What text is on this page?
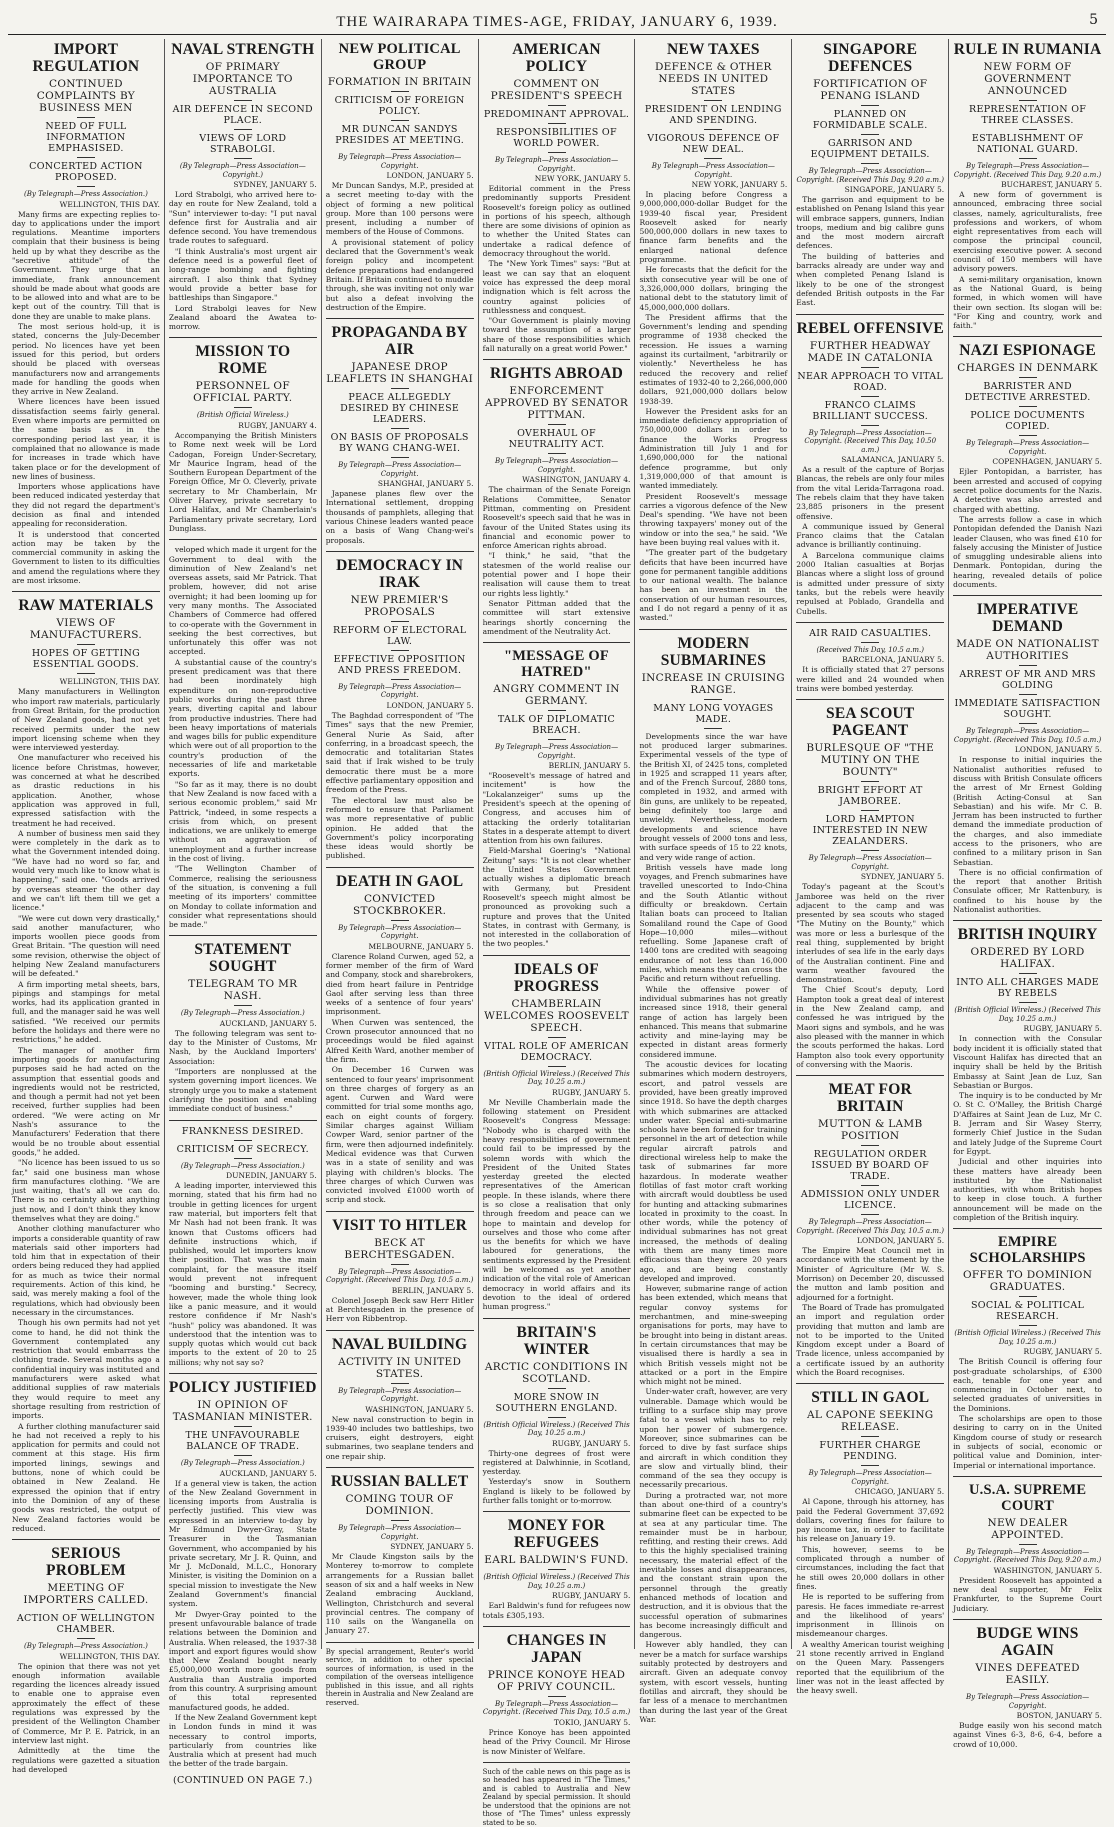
THE WAIRARAPA TIMES-AGE, FRIDAY, JANUARY 6, 1939.	5
IMPORT REGULATION
CONTINUED COMPLAINTS BY BUSINESS MEN
NEED OF FULL INFORMATION EMPHASISED.
CONCERTED ACTION PROPOSED.
(By Telegraph—Press Association.)
WELLINGTON, THIS DAY.

Many firms are expecting replies to-day to applications under the import regulations. Meantime importers complain that their business is being held up by what they describe as the "secretive attitude" of the Government. They urge that an immediate, frank announcement should be made about what goods are to be allowed into and what are to be kept out of the country. Till that is done they are unable to make plans.

The most serious hold-up, it is stated, concerns the July-December period. No licences have yet been issued for this period, but orders should be placed with overseas manufacturers now and arrangements made for handling the goods when they arrive in New Zealand.

Where licences have been issued dissatisfaction seems fairly general. Even where imports are permitted on the same basis as in the corresponding period last year, it is complained that no allowance is made for increases in trade which have taken place or for the development of new lines of business.

Importers whose applications have been reduced indicated yesterday that they did not regard the department's decision as final and intended appealing for reconsideration.

It is understood that concerted action may be taken by the commercial community in asking the Government to listen to its difficulties and amend the regulations where they are most irksome.

RAW MATERIALS
VIEWS OF MANUFACTURERS.
HOPES OF GETTING ESSENTIAL GOODS.
WELLINGTON, THIS DAY.

Many manufacturers in Wellington who import raw materials, particularly from Great Britain, for the production of New Zealand goods, had not yet received permits under the new import licensing scheme when they were interviewed yesterday.

One manufacturer who received his licence before Christmas, however, was concerned at what he described as drastic reductions in his application. Another, whose application was approved in full, expressed satisfaction with the treatment he had received.

A number of business men said they were completely in the dark as to what the Government intended doing. "We have had no word so far, and would very much like to know what is happening," said one. "Goods arrived by overseas steamer the other day and we can't lift them till we get a licence."

"We were cut down very drastically," said another manufacturer, who imports woollen piece goods from Great Britain. "The question will need some revision, otherwise the object of helping New Zealand manufacturers will be defeated."

A firm importing metal sheets, bars, pipings and stampings for metal works, had its application granted in full, and the manager said he was well satisfied. "We received our permits before the holidays and there were no restrictions," he added.

The manager of another firm importing goods for manufacturing purposes said he had acted on the assumption that essential goods and ingredients would not be restricted, and though a permit had not yet been received, further supplies had been ordered. "We were acting on Mr Nash's assurance to the Manufacturers' Federation that there would be no trouble about essential goods," he added.

"No licence has been issued to us so far," said one business man whose firm manufactures clothing. "We are just waiting, that's all we can do. There is no certainty about anything just now, and I don't think they know themselves what they are doing."

Another clothing manufacturer who imports a considerable quantity of raw materials said other importers had told him that in expectation of their orders being reduced they had applied for as much as twice their normal requirements. Action of this kind, he said, was merely making a fool of the regulations, which had obviously been necessary in the circumstances.

Though his own permits had not yet come to hand, he did not think the Government contemplated any restriction that would embarrass the clothing trade. Several months ago a confidential inquiry was instituted and manufacturers were asked what additional supplies of raw materials they would require to meet any shortage resulting from restriction of imports.

A further clothing manufacturer said he had not received a reply to his application for permits and could not comment at this stage. His firm imported linings, sewings and buttons, none of which could be obtained in New Zealand. He expressed the opinion that if entry into the Dominion of any of these goods was restricted, the output of New Zealand factories would be reduced.

SERIOUS PROBLEM
MEETING OF IMPORTERS CALLED.
ACTION OF WELLINGTON CHAMBER.
(By Telegraph—Press Association.)
WELLINGTON, THIS DAY.

The opinion that there was not yet enough information available regarding the licences already issued to enable one to appraise even approximately the effect of these regulations was expressed by the president of the Wellington Chamber of Commerce, Mr P. E. Patrick, in an interview last night.

Admittedly at the time the regulations were gazetted a situation had developed

NAVAL STRENGTH
OF PRIMARY IMPORTANCE TO AUSTRALIA
AIR DEFENCE IN SECOND PLACE.
VIEWS OF LORD STRABOLGI.
(By Telegraph—Press Association—Copyright.)
SYDNEY, JANUARY 5.

Lord Strabolgi, who arrived here to-day en route for New Zealand, told a "Sun" interviewer to-day: "I put naval defence first for Australia and air defence second. You have tremendous trade routes to safeguard.

"I think Australia's most urgent air defence need is a powerful fleet of long-range bombing and fighting aircraft. I also think that Sydney would provide a better base for battleships than Singapore."

Lord Strabolgi leaves for New Zealand aboard the Awatea to-morrow.

MISSION TO ROME
PERSONNEL OF OFFICIAL PARTY.
(British Official Wireless.)
RUGBY, JANUARY 4.

Accompanying the British Ministers to Rome next week will be Lord Cadogan, Foreign Under-Secretary, Mr Maurice Ingram, head of the Southern European Department of the Foreign Office, Mr O. Cleverly, private secretary to Mr Chamberlain, Mr Oliver Harvey, private secretary to Lord Halifax, and Mr Chamberlain's Parliamentary private secretary, Lord Dunglass.

veloped which made it urgent for the Government to deal with the diminution of New Zealand's net overseas assets, said Mr Patrick. That problem, however, did not arise overnight; it had been looming up for very many months. The Associated Chambers of Commerce had offered to co-operate with the Government in seeking the best correctives, but unfortunately this offer was not accepted.

A substantial cause of the country's present predicament was that there had been inordinately high expenditure on non-reproductive public works during the past three years, diverting capital and labour from productive industries. There had been heavy importations of materials and wages bills for public expenditure which were out of all proportion to the country's production of the necessaries of life and marketable exports.

"So far as it may, there is no doubt that New Zealand is now faced with a serious economic problem," said Mr Pattrick, "indeed, in some respects a crisis from which, on present indications, we are unlikely to emerge without an aggravation of unemployment and a further increase in the cost of living.

"The Wellington Chamber of Commerce, realising the seriousness of the situation, is convening a full meeting of its importers' committee on Monday to collate information and consider what representations should be made."

STATEMENT SOUGHT
TELEGRAM TO MR NASH.
(By Telegraph—Press Association.)
AUCKLAND, JANUARY 5.

The following telegram was sent to-day to the Minister of Customs, Mr Nash, by the Auckland Importers' Association:

"Importers are nonplussed at the system governing import licences. We strongly urge you to make a statement clarifying the position and enabling immediate conduct of business."

FRANKNESS DESIRED.
CRITICISM OF SECRECY.
(By Telegraph—Press Association.)
DUNEDIN, JANUARY 5.

A leading importer, interviewed this morning, stated that his firm had no trouble in getting licences for urgent raw material, but importers felt that Mr Nash had not been frank. It was known that Customs officers had definite instructions which, if published, would let importers know their position. That was the main complaint, for the measure itself would prevent not infrequent "booming and bursting." Secrecy, however, made the whole thing look like a panic measure, and it would restore confidence if Mr Nash's "hush" policy was abandoned. It was understood that the intention was to supply quotas which would cut back imports to the extent of 20 to 25 millions; why not say so?

POLICY JUSTIFIED
IN OPINION OF TASMANIAN MINISTER.
THE UNFAVOURABLE BALANCE OF TRADE.
(By Telegraph—Press Association.)
AUCKLAND, JANUARY 5.

If a general view is taken, the action of the New Zealand Government in licensing imports from Australia is perfectly justified. This view was expressed in an interview to-day by Mr Edmund Dwyer-Gray, State Treasurer in the Tasmanian Government, who accompanied by his private secretary, Mr J. R. Quinn, and Mr J. McDonald, M.L.C., Honorary Minister, is visiting the Dominion on a special mission to investigate the New Zealand Government's financial system.

Mr Dwyer-Gray pointed to the present unfavourable balance of trade relations between the Dominion and Australia. When released, the 1937-38 import and export figures would show that New Zealand bought nearly £5,000,000 worth more goods from Australia than Australia imported from this country. A surprising amount of this total represented manufactured goods, he added.

If the New Zealand Government kept in London funds in mind it was necessary to control imports, particularly from countries like Australia which at present had much the better of the trade bargain.

(CONTINUED ON PAGE 7.)
NEW POLITICAL GROUP
FORMATION IN BRITAIN
CRITICISM OF FOREIGN POLICY.
MR DUNCAN SANDYS PRESIDES AT MEETING.
By Telegraph—Press Association—Copyright.
LONDON, JANUARY 5.

Mr Duncan Sandys, M.P., presided at a secret meeting to-day with the object of forming a new political group. More than 100 persons were present, including a number of members of the House of Commons.

A provisional statement of policy declared that the Government's weak foreign policy and incompetent defence preparations had endangered Britain. If Britain continued to muddle through, she was inviting not only war but also a defeat involving the destruction of the Empire.

PROPAGANDA BY AIR
JAPANESE DROP LEAFLETS IN SHANGHAI
PEACE ALLEGEDLY DESIRED BY CHINESE LEADERS.
ON BASIS OF PROPOSALS BY WANG CHANG-WEI.
By Telegraph—Press Association—Copyright.
SHANGHAI, JANUARY 5.

Japanese planes flew over the International settlement, dropping thousands of pamphlets, alleging that various Chinese leaders wanted peace on a basis of Wang Chang-wei's proposals.

DEMOCRACY IN IRAK
NEW PREMIER'S PROPOSALS
REFORM OF ELECTORAL LAW.
EFFECTIVE OPPOSITION AND PRESS FREEDOM.
By Telegraph—Press Association—Copyright.
LONDON, JANUARY 5.

The Baghdad correspondent of "The Times" says that the new Premier, General Nurie As Said, after conferring, in a broadcast speech, the democratic and totalitarian States said that if Irak wished to be truly democratic there must be a more effective parliamentary opposition and freedom of the Press.

The electoral law must also be reformed to ensure that Parliament was more representative of public opinion. He added that the Government's policy incorporating these ideas would shortly be published.

DEATH IN GAOL
CONVICTED STOCKBROKER.
By Telegraph—Press Association—Copyright.
MELBOURNE, JANUARY 5.

Clarence Roland Curwen, aged 52, a former member of the firm of Ward and Company, stock and sharebrokers, died from heart failure in Pentridge Gaol after serving less than three weeks of a sentence of four years' imprisonment.

When Curwen was sentenced, the Crown prosecutor announced that no proceedings would be filed against Alfred Keith Ward, another member of the firm.

On December 16 Curwen was sentenced to four years' imprisonment on three charges of forgery as an agent. Curwen and Ward were committed for trial some months ago, each on eight counts of forgery. Similar charges against William Cowper Ward, senior partner of the firm, were then adjourned indefinitely. Medical evidence was that Curwen was in a state of senility and was playing with children's blocks. The three charges of which Curwen was convicted involved £1000 worth of scrip and stock.

VISIT TO HITLER
BECK AT BERCHTESGADEN.
By Telegraph—Press Association—Copyright. (Received This Day, 10.5 a.m.)
BERLIN, JANUARY 5.

Colonel Joseph Beck saw Herr Hitler at Berchtesgaden in the presence of Herr von Ribbentrop.

NAVAL BUILDING
ACTIVITY IN UNITED STATES.
By Telegraph—Press Association—Copyright.
WASHINGTON, JANUARY 5.

New naval construction to begin in 1939-40 includes two battleships, two cruisers, eight destroyers, eight submarines, two seaplane tenders and one repair ship.

RUSSIAN BALLET
COMING TOUR OF DOMINION.
By Telegraph—Press Association—Copyright.
SYDNEY, JANUARY 5.

Mr Claude Kingston sails by the Monterey to-morrow to complete arrangements for a Russian ballet season of six and a half weeks in New Zealand embracing Auckland, Wellington, Christchurch and several provincial centres. The company of 110 sails on the Wanganella on January 27.

By special arrangement, Reuter's world service, in addition to other special sources of information, is used in the compilation of the overseas intelligence published in this issue, and all rights therein in Australia and New Zealand are reserved.
AMERICAN POLICY
COMMENT ON PRESIDENT'S SPEECH
PREDOMINANT APPROVAL.
RESPONSIBILITIES OF WORLD POWER.
By Telegraph—Press Association—Copyright.
NEW YORK, JANUARY 5.

Editorial comment in the Press predominantly supports President Roosevelt's foreign policy as outlined in portions of his speech, although there are some divisions of opinion as to whether the United States can undertake a radical defence of democracy throughout the world.

The "New York Times" says: "But at least we can say that an eloquent voice has expressed the deep moral indignation which is felt across the country against policies of ruthlessness and conquest.

"Our Government is plainly moving toward the assumption of a larger share of those responsibilities which fall naturally on a great world Power."

RIGHTS ABROAD
ENFORCEMENT APPROVED BY SENATOR PITTMAN.
OVERHAUL OF NEUTRALITY ACT.
By Telegraph—Press Association—Copyright.
WASHINGTON, JANUARY 4.

The chairman of the Senate Foreign Relations Committee, Senator Pittman, commenting on President Roosevelt's speech said that he was in favour of the United States using its financial and economic power to enforce American rights abroad.

"I think," he said, "that the statesmen of the world realise our potential power and I hope their realisation will cause them to treat our rights less lightly."

Senator Pittman added that the committee will start extensive hearings shortly concerning the amendment of the Neutrality Act.

"MESSAGE OF HATRED"
ANGRY COMMENT IN GERMANY.
TALK OF DIPLOMATIC BREACH.
By Telegraph—Press Association—Copyright.
BERLIN, JANUARY 5.

"Roosevelt's message of hatred and incitement" is how the "Lokalanzeiger" sums up the President's speech at the opening of Congress, and accuses him of attacking the orderly totalitarian States in a desperate attempt to divert attention from his own failures.

Field-Marshal Goering's "National Zeitung" says: "It is not clear whether the United States Government actually wishes a diplomatic breach with Germany, but President Roosevelt's speech might almost be pronounced as provoking such a rupture and proves that the United States, in contrast with Germany, is not interested in the collaboration of the two peoples."

IDEALS OF PROGRESS
CHAMBERLAIN WELCOMES ROOSEVELT SPEECH.
VITAL ROLE OF AMERICAN DEMOCRACY.
(British Official Wireless.) (Received This Day, 10.25 a.m.)
RUGBY, JANUARY 5.

Mr Neville Chamberlain made the following statement on President Roosevelt's Congress Message: "Nobody who is charged with the heavy responsibilities of government could fail to be impressed by the solemn words with which the President of the United States yesterday greeted the elected representatives of the American people. In these islands, where there is so close a realisation that only through freedom and peace can we hope to maintain and develop for ourselves and those who come after us the benefits for which we have laboured for generations, the sentiments expressed by the President will be welcomed as yet another indication of the vital role of American democracy in world affairs and its devotion to the ideal of ordered human progress."

BRITAIN'S WINTER
ARCTIC CONDITIONS IN SCOTLAND.
MORE SNOW IN SOUTHERN ENGLAND.
(British Official Wireless.) (Received This Day, 10.25 a.m.)
RUGBY, JANUARY 5.

Thirty-one degrees of frost were registered at Dalwhinnie, in Scotland, yesterday.

Yesterday's snow in Southern England is likely to be followed by further falls tonight or to-morrow.

MONEY FOR REFUGEES
EARL BALDWIN'S FUND.
(British Official Wireless.) (Received This Day, 10.25 a.m.)
RUGBY, JANUARY 5.

Earl Baldwin's fund for refugees now totals £305,193.

CHANGES IN JAPAN
PRINCE KONOYE HEAD OF PRIVY COUNCIL.
By Telegraph—Press Association—Copyright. (Received This Day, 10.5 a.m.)
TOKIO, JANUARY 5.

Prince Konoye has been appointed head of the Privy Council. Mr Hirose is now Minister of Welfare.

Such of the cable news on this page as is so headed has appeared in "The Times," and is cabled to Australia and New Zealand by special permission. It should be understood that the opinions are not those of "The Times" unless expressly stated to be so.
NEW TAXES
DEFENCE & OTHER NEEDS IN UNITED STATES
PRESIDENT ON LENDING AND SPENDING.
VIGOROUS DEFENCE OF NEW DEAL.
By Telegraph—Press Association—Copyright.
NEW YORK, JANUARY 5.

In placing before Congress a 9,000,000,000-dollar Budget for the 1939-40 fiscal year, President Roosevelt asked for nearly 500,000,000 dollars in new taxes to finance farm benefits and the enlarged national defence programme.

He forecasts that the deficit for the sixth consecutive year will be one of 3,326,000,000 dollars, bringing the national debt to the statutory limit of 45,000,000,000 dollars.

The President affirms that the Government's lending and spending programme of 1938 checked the recession. He issues a warning against its curtailment, "arbitrarily or violently." Nevertheless he has reduced the recovery and relief estimates of 1932-40 to 2,266,000,000 dollars, 921,000,000 dollars below 1938-39.

However the President asks for an immediate deficiency appropriation of 750,000,000 dollars in order to finance the Works Progress Administration till July 1 and for 1,690,000,000 for the national defence programme, but only 1,319,000,000 of that amount is wanted immediately.

President Roosevelt's message carries a vigorous defence of the New Deal's spending. "We have not been throwing taxpayers' money out of the window or into the sea," he said. "We have been buying real values with it.

"The greater part of the budgetary deficits that have been incurred have gone for permanent tangible additions to our national wealth. The balance has been an investment in the conservation of our human resources, and I do not regard a penny of it as wasted."

MODERN SUBMARINES
INCREASE IN CRUISING RANGE.
MANY LONG VOYAGES MADE.

Developments since the war have not produced larger submarines. Experimental vessels of the type of the British XI, of 2425 tons, completed in 1925 and scrapped 11 years after, and of the French Surcouf, 2880 tons, completed in 1932, and armed with 8in guns, are unlikely to be repeated, being definitely too large and unwieldy. Nevertheless, modern developments and science have brought vessels of 2000 tons and less, with surface speeds of 15 to 22 knots, and very wide range of action.

British vessels have made long voyages, and French submarines have travelled unescorted to Indo-China and the South Atlantic without difficulty or breakdown. Certain Italian boats can proceed to Italian Somaliland round the Cape of Good Hope—10,000 miles—without refuelling. Some Japanese craft of 1400 tons are credited with seagoing endurance of not less than 16,000 miles, which means they can cross the Pacific and return without refuelling.

While the offensive power of individual submarines has not greatly increased since 1918, their general range of action has largely been enhanced. This means that submarine activity and mine-laying may be expected in distant areas formerly considered immune.

The acoustic devices for locating submarines which modern destroyers, escort, and patrol vessels are provided, have been greatly improved since 1918. So have the depth charges with which submarines are attacked under water. Special anti-submarine schools have been formed for training personnel in the art of detection while regular aircraft patrols and directional wireless help to make the task of submarines far more hazardous. In moderate weather flotillas of fast motor craft working with aircraft would doubtless be used for hunting and attacking submarines located in proximity to the coast. In other words, while the potency of individual submarines has not great increased, the methods of dealing with them are many times more efficacious than they were 20 years ago, and are being constantly developed and improved.

However, submarine range of action has been extended, which means that regular convoy systems for merchantmen, and mine-sweeping organisations for ports, may have to be brought into being in distant areas. In certain circumstances that may be visualised there is hardly a sea in which British vessels might not be attacked or a port in the Empire which might not be mined.

Under-water craft, however, are very vulnerable. Damage which would be trifling to a surface ship may prove fatal to a vessel which has to rely upon her power of submergence. Moreover, since submarines can be forced to dive by fast surface ships and aircraft in which condition they are slow and virtually blind, their command of the sea they occupy is necessarily precarious.

During a protracted war, not more than about one-third of a country's submarine fleet can be expected to be at sea at any particular time. The remainder must be in harbour, refitting, and resting their crews. Add to this the highly specialised training necessary, the material effect of the inevitable losses and disappearances, and the constant strain upon the personnel through the greatly enhanced methods of location and destruction, and it is obvious that the successful operation of submarines has become increasingly difficult and dangerous.

However ably handled, they can never be a match for surface warships suitably protected by destroyers and aircraft. Given an adequate convoy system, with escort vessels, hunting flotillas and aircraft, they should be far less of a menace to merchantmen than during the last year of the Great War.

SINGAPORE DEFENCES
FORTIFICATION OF PENANG ISLAND
PLANNED ON FORMIDABLE SCALE.
GARRISON AND EQUIPMENT DETAILS.
By Telegraph—Press Association—Copyright. (Received This Day, 9.20 a.m.)
SINGAPORE, JANUARY 5.

The garrison and equipment to be established on Penang Island this year will embrace sappers, gunners, Indian troops, medium and big calibre guns and the most modern aircraft defences.

The building of batteries and barracks already are under way and when completed Penang Island is likely to be one of the strongest defended British outposts in the Far East.

REBEL OFFENSIVE
FURTHER HEADWAY MADE IN CATALONIA
NEAR APPROACH TO VITAL ROAD.
FRANCO CLAIMS BRILLIANT SUCCESS.
By Telegraph—Press Association—Copyright. (Received This Day, 10.50 a.m.)
SALAMANCA, JANUARY 5.

As a result of the capture of Borjas Blancas, the rebels are only four miles from the vital Lerida-Tarragona road. The rebels claim that they have taken 23,885 prisoners in the present offensive.

A communique issued by General Franco claims that the Catalan advance is brilliantly continuing.

A Barcelona communique claims 2000 Italian casualties at Borjas Blancas where a slight loss of ground is admitted under pressure of sixty tanks, but the rebels were heavily repulsed at Poblado, Grandella and Cubells.

AIR RAID CASUALTIES.
(Received This Day, 10.5 a.m.)
BARCELONA, JANUARY 5.

It is officially stated that 27 persons were killed and 24 wounded when trains were bombed yesterday.

SEA SCOUT PAGEANT
BURLESQUE OF "THE MUTINY ON THE BOUNTY"
BRIGHT EFFORT AT JAMBOREE.
LORD HAMPTON INTERESTED IN NEW ZEALANDERS.
By Telegraph—Press Association—Copyright.
SYDNEY, JANUARY 5.

Today's pageant at the Scout's Jamboree was held on the river adjacent to the camp and was presented by sea scouts who staged "The Mutiny on the Bounty," which was more or less a burlesque of the real thing, supplemented by bright interludes of sea life in the early days of the Australian continent. Fine and warm weather favoured the demonstration.

The Chief Scout's deputy, Lord Hampton took a great deal of interest in the New Zealand camp, and confessed he was intrigued by the Maori signs and symbols, and he was also pleased with the manner in which the scouts performed the hakas. Lord Hampton also took every opportunity of conversing with the Maoris.

MEAT FOR BRITAIN
MUTTON & LAMB POSITION
REGULATION ORDER ISSUED BY BOARD OF TRADE.
ADMISSION ONLY UNDER LICENCE.
By Telegraph—Press Association—Copyright. (Received This Day, 10.5 a.m.)
LONDON, JANUARY 5.

The Empire Meat Council met in accordance with the statement by the Minister of Agriculture (Mr W. S. Morrison) on December 20, discussed the mutton and lamb position and adjourned for a fortnight.

The Board of Trade has promulgated an import and regulation order providing that mutton and lamb are not to be imported to the United Kingdom except under a Board of Trade licence, unless accompanied by a certificate issued by an authority which the Board recognises.

STILL IN GAOL
AL CAPONE SEEKING RELEASE.
FURTHER CHARGE PENDING.
By Telegraph—Press Association—Copyright.
CHICAGO, JANUARY 5.

Al Capone, through his attorney, has paid the Federal Government 37,692 dollars, covering fines for failure to pay income tax, in order to facilitate his release on January 19.

This, however, seems to be complicated through a number of circumstances, including the fact that he still owes 20,000 dollars in other fines.

He is reported to be suffering from paresis. He faces immediate re-arrest and the likelihood of years' imprisonment in Illinois on misdemeanour charges.

A wealthy American tourist weighing 21 stone recently arrived in England on the Queen Mary. Passengers reported that the equilibrium of the liner was not in the least affected by the heavy swell.

RULE IN RUMANIA
NEW FORM OF GOVERNMENT ANNOUNCED
REPRESENTATION OF THREE CLASSES.
ESTABLISHMENT OF NATIONAL GUARD.
By Telegraph—Press Association—Copyright. (Received This Day, 9.20 a.m.)
BUCHAREST, JANUARY 5.

A new form of government is announced, embracing three social classes, namely, agriculturalists, free professions and workers, of whom eight representatives from each will compose the principal council, exercising executive power. A second council of 150 members will have advisory powers.

A semi-military organisation, known as the National Guard, is being formed, in which women will have their own section. Its slogan will be: "For King and country, work and faith."

NAZI ESPIONAGE
CHARGES IN DENMARK
BARRISTER AND DETECTIVE ARRESTED.
POLICE DOCUMENTS COPIED.
By Telegraph—Press Association—Copyright.
COPENHAGEN, JANUARY 5.

Ejler Pontopidan, a barrister, has been arrested and accused of copying secret police documents for the Nazis. A detective was also arrested and charged with abetting.

The arrests follow a case in which Pontopidan defended the Danish Nazi leader Clausen, who was fined £10 for falsely accusing the Minister of Justice of smuggling undesirable aliens into Denmark. Pontopidan, during the hearing, revealed details of police documents.

IMPERATIVE DEMAND
MADE ON NATIONALIST AUTHORITIES
ARREST OF MR AND MRS GOLDING
IMMEDIATE SATISFACTION SOUGHT.
By Telegraph—Press Association—Copyright. (Received This Day, 10.5 a.m.)
LONDON, JANUARY 5.

In response to initial inquiries the Nationalist authorities refused to discuss with British Consulate officers the arrest of Mr Ernest Golding (British Acting-Consul at San Sebastian) and his wife. Mr C. B. Jerram has been instructed to further demand the immediate production of the charges, and also immediate access to the prisoners, who are confined to a military prison in San Sebastian.

There is no official confirmation of the report that another British Consulate officer, Mr Rattenbury, is confined to his house by the Nationalist authorities.

BRITISH INQUIRY
ORDERED BY LORD HALIFAX.
INTO ALL CHARGES MADE BY REBELS
(British Official Wireless.) (Received This Day, 10.25 a.m.)
RUGBY, JANUARY 5.

In connection with the Consular body incident it is officially stated that Viscount Halifax has directed that an inquiry shall be held by the British Embassy at Saint Jean de Luz, San Sebastian or Burgos.

The inquiry is to be conducted by Mr O. St C. O'Malley, the British Chargé D'Affaires at Saint Jean de Luz, Mr C. B. Jerram and Sir Wasey Sterry, formerly Chief Justice in the Sudan and lately Judge of the Supreme Court for Egypt.

Judicial and other inquiries into these matters have already been instituted by the Nationalist authorities, with whom British hopes to keep in close touch. A further announcement will be made on the completion of the British inquiry.

EMPIRE SCHOLARSHIPS
OFFER TO DOMINION GRADUATES.
SOCIAL & POLITICAL RESEARCH.
(British Official Wireless.) (Received This Day, 10.25 a.m.)
RUGBY, JANUARY 5.

The British Council is offering four post-graduate scholarships, of £300 each, tenable for one year and commencing in October next, to selected graduates of universities in the Dominions.

The scholarships are open to those desiring to carry on in the United Kingdom course of study or research in subjects of social, economic or political value and Dominion, inter-Imperial or international importance.

U.S.A. SUPREME COURT
NEW DEALER APPOINTED.
By Telegraph—Press Association—Copyright. (Received This Day, 9.20 a.m.)
WASHINGTON, JANUARY 5.

President Roosevelt has appointed a new deal supporter, Mr Felix Frankfurter, to the Supreme Court Judiciary.

BUDGE WINS AGAIN
VINES DEFEATED EASILY.
By Telegraph—Press Association—Copyright.
BOSTON, JANUARY 5.

Budge easily won his second match against Vines 6-3, 8-6, 6-4, before a crowd of 10,000.
